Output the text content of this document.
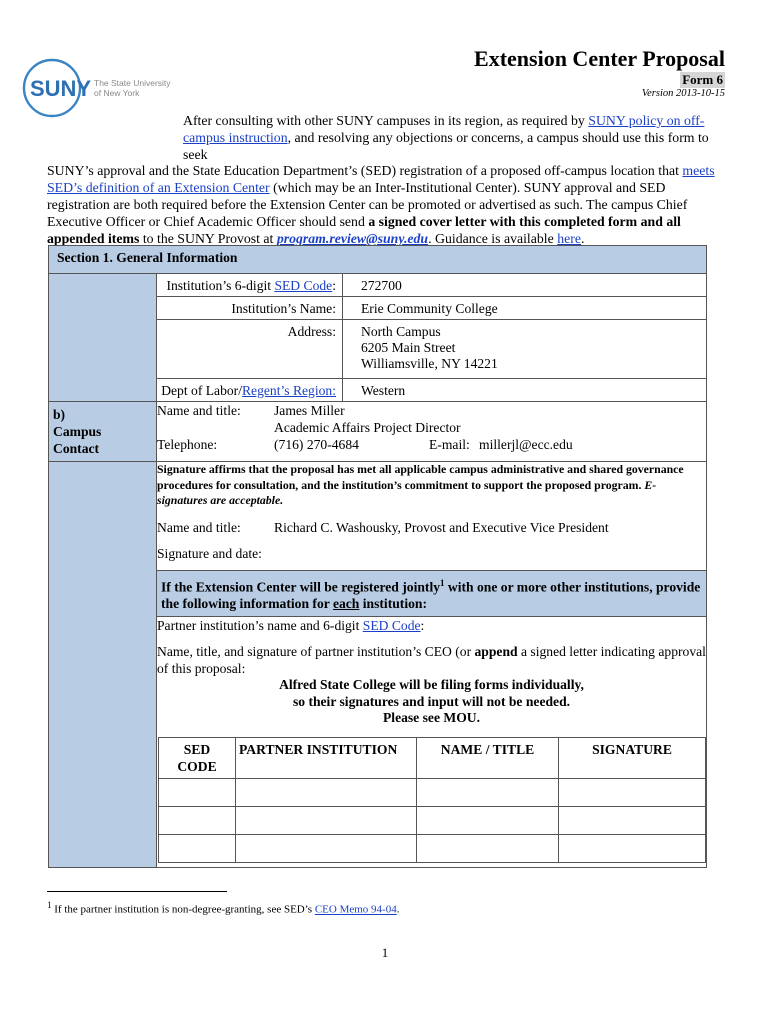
SUNY The State University
of New York
Extension Center Proposal
Form 6
Version 2013-10-15
After consulting with other SUNY campuses in its region, as required by SUNY policy on off-
campus instruction, and resolving any objections or concerns, a campus should use this form to seek
SUNY’s approval and the State Education Department’s (SED) registration of a proposed off-campus location that meets
SED’s definition of an Extension Center (which may be an Inter-Institutional Center). SUNY approval and SED registration are both required before the Extension Center can be promoted or advertised as such. The campus Chief Executive Officer or Chief Academic Officer should send a signed cover letter with this completed form and all appended items to the SUNY Provost at program.review@suny.edu. Guidance is available here.
Section 1. General Information
	Institution’s 6-digit SED Code:	272700
Institution’s Name:	Erie Community College
Address:	North Campus
6205 Main Street
Williamsville, NY 14221

Dept of Labor/Regent’s Region:	Western

b)
Campus
Contact

Name and title:	James Miller
Academic Affairs Project Director
Telephone:	(716) 270-4684	E-mail: millerjl@ecc.edu

Signature affirms that the proposal has met all applicable campus administrative and shared governance procedures for consultation, and the institution’s commitment to support the proposed program. E-signatures are acceptable.
Name and title:	Richard C. Washousky, Provost and Executive Vice President
Signature and date:

If the Extension Center will be registered jointly$^1$ with one or more other institutions, provide the following information for each institution:

Partner institution’s name and 6-digit SED Code:
Name, title, and signature of partner institution’s CEO (or append a signed letter indicating approval of this proposal:
Alfred State College will be filing forms individually,
so their signatures and input will not be needed.
Please see MOU.
SED
CODE
	PARTNER INSTITUTION	NAME / TITLE	SIGNATURE

$^1$ If the partner institution is non-degree-granting, see SED’s CEO Memo 94-04.
1
